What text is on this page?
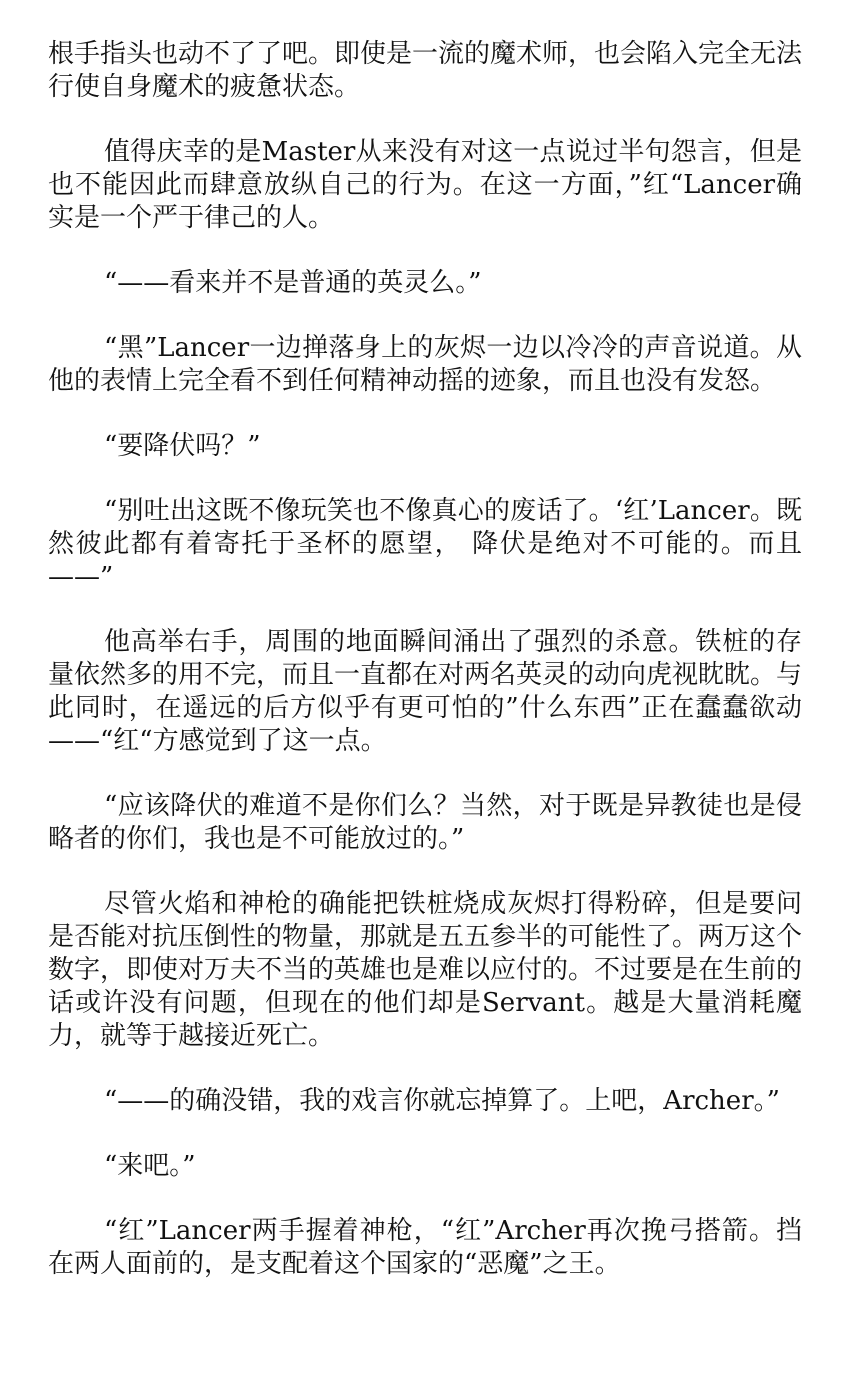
根手指头也动不了了吧。即使是一流的魔术师，也会陷入完全无法行使自身魔术的疲惫状态。

值得庆幸的是Master从来没有对这一点说过半句怨言，但是也不能因此而肆意放纵自己的行为。在这一方面，”红“Lancer确实是一个严于律己的人。

“——看来并不是普通的英灵么。”

“黑”Lancer一边掸落身上的灰烬一边以冷冷的声音说道。从他的表情上完全看不到任何精神动摇的迹象，而且也没有发怒。

“要降伏吗？”

“别吐出这既不像玩笑也不像真心的废话了。‘红’Lancer。既然彼此都有着寄托于圣杯的愿望， 降伏是绝对不可能的。而且——”

他高举右手，周围的地面瞬间涌出了强烈的杀意。铁桩的存量依然多的用不完，而且一直都在对两名英灵的动向虎视眈眈。与此同时，在遥远的后方似乎有更可怕的”什么东西”正在蠢蠢欲动——“红“方感觉到了这一点。

“应该降伏的难道不是你们么？当然，对于既是异教徒也是侵略者的你们，我也是不可能放过的。”

尽管火焰和神枪的确能把铁桩烧成灰烬打得粉碎，但是要问是否能对抗压倒性的物量，那就是五五参半的可能性了。两万这个数字，即使对万夫不当的英雄也是难以应付的。不过要是在生前的话或许没有问题，但现在的他们却是Servant。越是大量消耗魔力，就等于越接近死亡。

“——的确没错，我的戏言你就忘掉算了。上吧，Archer。”

“来吧。”

“红”Lancer两手握着神枪，“红”Archer再次挽弓搭箭。挡在两人面前的，是支配着这个国家的“恶魔”之王。
